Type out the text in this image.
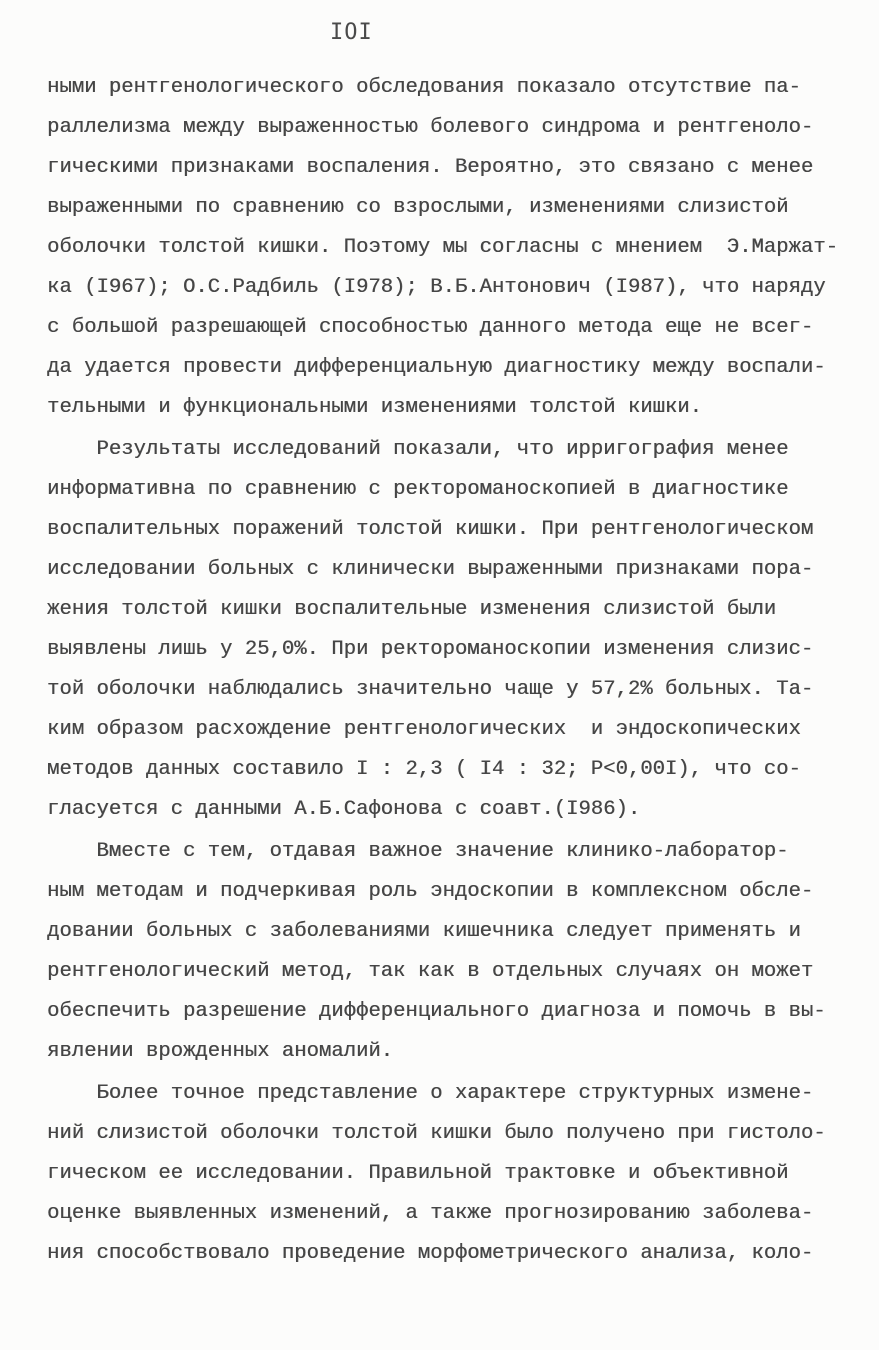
IOI
ными рентгенологического обследования показало отсутствие па-
раллелизма между выраженностью болевого синдрома и рентгеноло-
гическими признаками воспаления. Вероятно, это связано с менее
выраженными по сравнению со взрослыми, изменениями слизистой
оболочки толстой кишки. Поэтому мы согласны с мнением  Э.Маржат-
ка (I967); О.С.Радбиль (I978); В.Б.Антонович (I987), что наряду
с большой разрешающей способностью данного метода еще не всег-
да удается провести дифференциальную диагностику между воспали-
тельными и функциональными изменениями толстой кишки.
Результаты исследований показали, что ирригография менее
информативна по сравнению с ректороманоскопией в диагностике
воспалительных поражений толстой кишки. При рентгенологическом
исследовании больных с клинически выраженными признаками пора-
жения толстой кишки воспалительные изменения слизистой были
выявлены лишь у 25,0%. При ректороманоскопии изменения слизис-
той оболочки наблюдались значительно чаще у 57,2% больных. Та-
ким образом расхождение рентгенологических  и эндоскопических
методов данных составило I : 2,3 ( I4 : 32; P<0,00I), что со-
гласуется с данными А.Б.Сафонова с соавт.(I986).
Вместе с тем, отдавая важное значение клинико-лаборатор-
ным методам и подчеркивая роль эндоскопии в комплексном обсле-
довании больных с заболеваниями кишечника следует применять и
рентгенологический метод, так как в отдельных случаях он может
обеспечить разрешение дифференциального диагноза и помочь в вы-
явлении врожденных аномалий.
Более точное представление о характере структурных измене-
ний слизистой оболочки толстой кишки было получено при гистоло-
гическом ее исследовании. Правильной трактовке и объективной
оценке выявленных изменений, а также прогнозированию заболева-
ния способствовало проведение морфометрического анализа, коло-
